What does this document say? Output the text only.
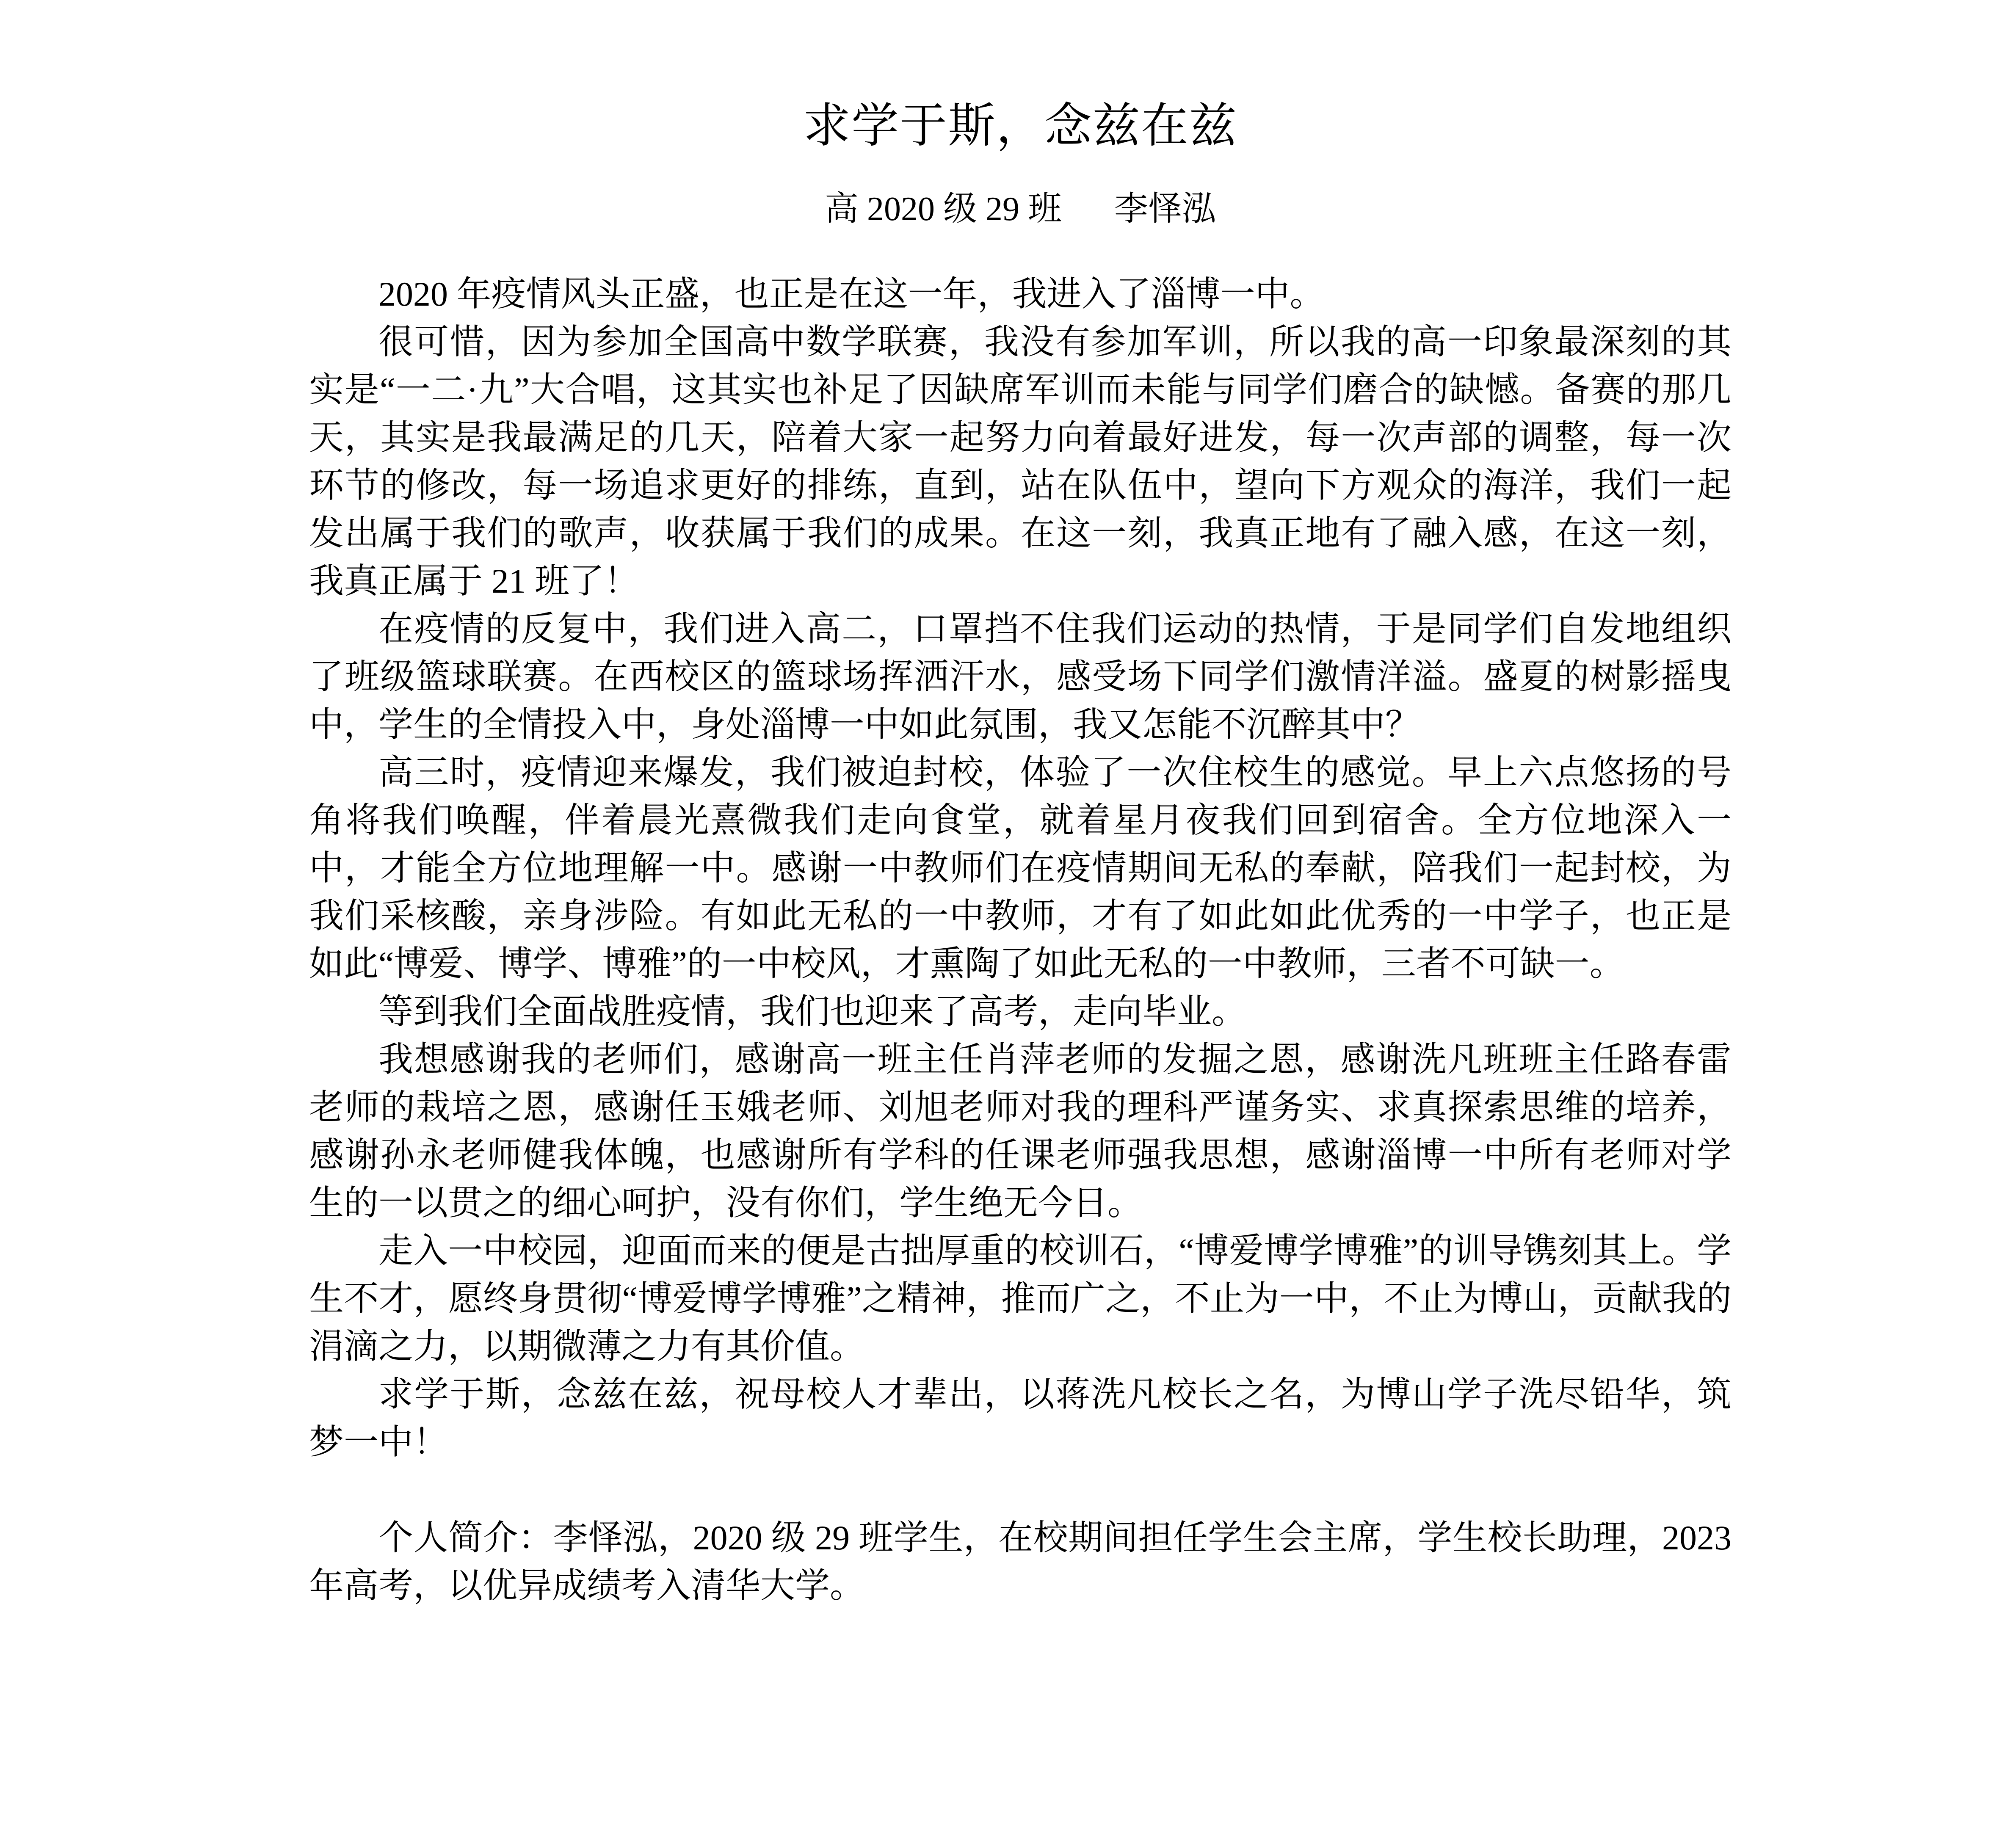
求学于斯，念兹在兹
高 2020 级 29 班 李怿泓

2020 年疫情风头正盛，也正是在这一年，我进入了淄博一中。

很可惜，因为参加全国高中数学联赛，我没有参加军训，所以我的高一印象最深刻的其实是“一二·九”大合唱，这其实也补足了因缺席军训而未能与同学们磨合的缺憾。备赛的那几天，其实是我最满足的几天，陪着大家一起努力向着最好进发，每一次声部的调整，每一次环节的修改，每一场追求更好的排练，直到，站在队伍中，望向下方观众的海洋，我们一起发出属于我们的歌声，收获属于我们的成果。在这一刻，我真正地有了融入感，在这一刻，我真正属于 21 班了！

在疫情的反复中，我们进入高二，口罩挡不住我们运动的热情，于是同学们自发地组织了班级篮球联赛。在西校区的篮球场挥洒汗水，感受场下同学们激情洋溢。盛夏的树影摇曳中，学生的全情投入中，身处淄博一中如此氛围，我又怎能不沉醉其中？

高三时，疫情迎来爆发，我们被迫封校，体验了一次住校生的感觉。早上六点悠扬的号角将我们唤醒，伴着晨光熹微我们走向食堂，就着星月夜我们回到宿舍。全方位地深入一中，才能全方位地理解一中。感谢一中教师们在疫情期间无私的奉献，陪我们一起封校，为我们采核酸，亲身涉险。有如此无私的一中教师，才有了如此如此优秀的一中学子，也正是如此“博爱、博学、博雅”的一中校风，才熏陶了如此无私的一中教师，三者不可缺一。

等到我们全面战胜疫情，我们也迎来了高考，走向毕业。

我想感谢我的老师们，感谢高一班主任肖萍老师的发掘之恩，感谢洗凡班班主任路春雷老师的栽培之恩，感谢任玉娥老师、刘旭老师对我的理科严谨务实、求真探索思维的培养，感谢孙永老师健我体魄，也感谢所有学科的任课老师强我思想，感谢淄博一中所有老师对学生的一以贯之的细心呵护，没有你们，学生绝无今日。

走入一中校园，迎面而来的便是古拙厚重的校训石，“博爱博学博雅”的训导镌刻其上。学生不才，愿终身贯彻“博爱博学博雅”之精神，推而广之，不止为一中，不止为博山，贡献我的涓滴之力，以期微薄之力有其价值。

求学于斯，念兹在兹，祝母校人才辈出，以蒋洗凡校长之名，为博山学子洗尽铅华，筑梦一中！

个人简介：李怿泓，2020 级 29 班学生，在校期间担任学生会主席，学生校长助理，2023 年高考，以优异成绩考入清华大学。
